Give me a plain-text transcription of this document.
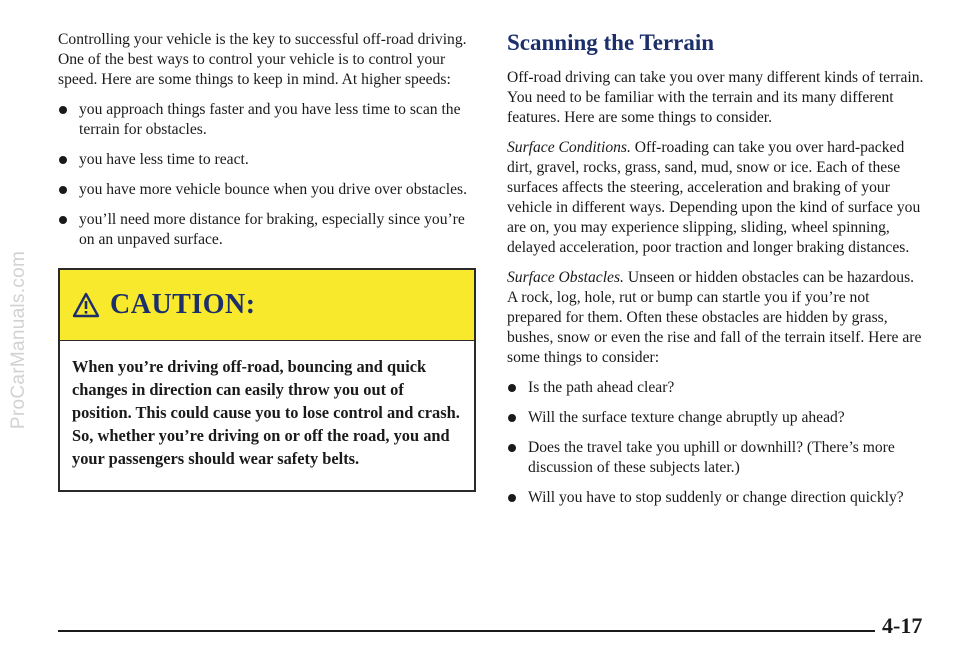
ProCarManuals.com

Controlling your vehicle is the key to successful off-road driving. One of the best ways to control your vehicle is to control your speed. Here are some things to keep in mind. At higher speeds:

you approach things faster and you have less time to scan the terrain for obstacles.
you have less time to react.
you have more vehicle bounce when you drive over obstacles.
you’ll need more distance for braking, especially since you’re on an unpaved surface.
CAUTION:
When you’re driving off-road, bouncing and quick changes in direction can easily throw you out of position. This could cause you to lose control and crash. So, whether you’re driving on or off the road, you and your passengers should wear safety belts.
Scanning the Terrain

Off-road driving can take you over many different kinds of terrain. You need to be familiar with the terrain and its many different features. Here are some things to consider.

Surface Conditions. Off-roading can take you over hard-packed dirt, gravel, rocks, grass, sand, mud, snow or ice. Each of these surfaces affects the steering, acceleration and braking of your vehicle in different ways. Depending upon the kind of surface you are on, you may experience slipping, sliding, wheel spinning, delayed acceleration, poor traction and longer braking distances.

Surface Obstacles. Unseen or hidden obstacles can be hazardous. A rock, log, hole, rut or bump can startle you if you’re not prepared for them. Often these obstacles are hidden by grass, bushes, snow or even the rise and fall of the terrain itself. Here are some things to consider:

Is the path ahead clear?
Will the surface texture change abruptly up ahead?
Does the travel take you uphill or downhill? (There’s more discussion of these subjects later.)
Will you have to stop suddenly or change direction quickly?
4-17
